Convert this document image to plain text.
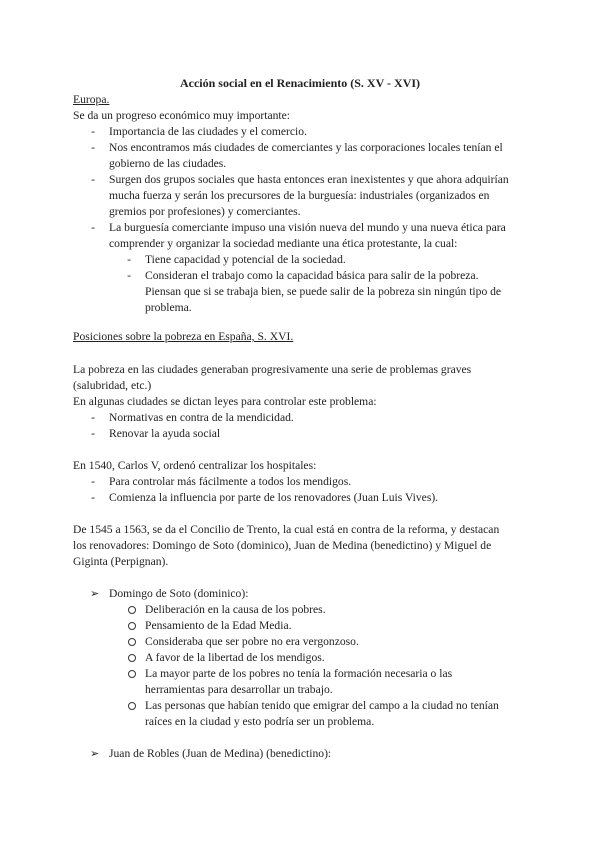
Acción social en el Renacimiento (S. XV - XVI)
Europa.
Se da un progreso económico muy importante:
- Importancia de las ciudades y el comercio.
- Nos encontramos más ciudades de comerciantes y las corporaciones locales tenían el
gobierno de las ciudades.
- Surgen dos grupos sociales que hasta entonces eran inexistentes y que ahora adquirían
mucha fuerza y serán los precursores de la burguesía: industriales (organizados en
gremios por profesiones) y comerciantes.
- La burguesía comerciante impuso una visión nueva del mundo y una nueva ética para
comprender y organizar la sociedad mediante una ética protestante, la cual:
- Tiene capacidad y potencial de la sociedad.
- Consideran el trabajo como la capacidad básica para salir de la pobreza.
Piensan que si se trabaja bien, se puede salir de la pobreza sin ningún tipo de
problema.
Posiciones sobre la pobreza en España, S. XVI.
La pobreza en las ciudades generaban progresivamente una serie de problemas graves
(salubridad, etc.)
En algunas ciudades se dictan leyes para controlar este problema:
- Normativas en contra de la mendicidad.
- Renovar la ayuda social
En 1540, Carlos V, ordenó centralizar los hospitales:
- Para controlar más fácilmente a todos los mendigos.
- Comienza la influencia por parte de los renovadores (Juan Luis Vives).
De 1545 a 1563, se da el Concilio de Trento, la cual está en contra de la reforma, y destacan
los renovadores: Domingo de Soto (dominico), Juan de Medina (benedictino) y Miguel de
Giginta (Perpignan).
➢ Domingo de Soto (dominico):
Deliberación en la causa de los pobres.
Pensamiento de la Edad Media.
Consideraba que ser pobre no era vergonzoso.
A favor de la libertad de los mendigos.
La mayor parte de los pobres no tenía la formación necesaria o las
herramientas para desarrollar un trabajo.
Las personas que habían tenido que emigrar del campo a la ciudad no tenían
raíces en la ciudad y esto podría ser un problema.
➢ Juan de Robles (Juan de Medina) (benedictino):
